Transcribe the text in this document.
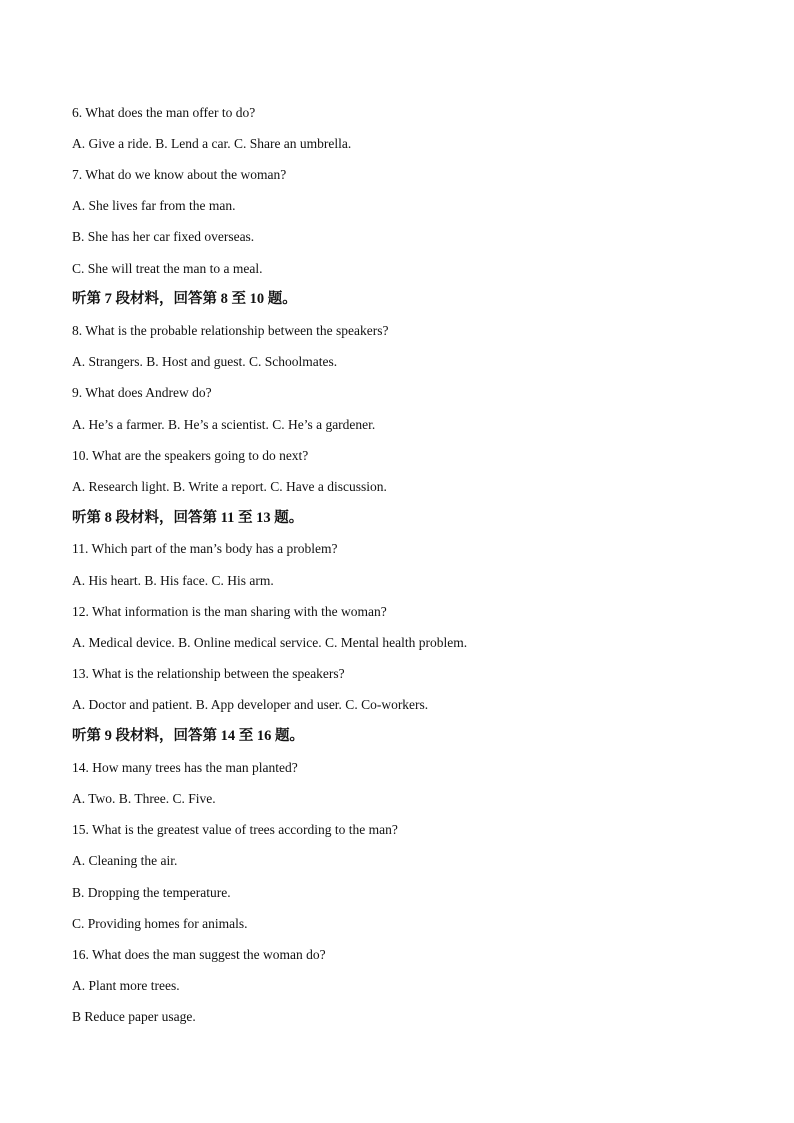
6. What does the man offer to do?
A. Give a ride. B. Lend a car. C. Share an umbrella.
7. What do we know about the woman?
A. She lives far from the man.
B. She has her car fixed overseas.
C. She will treat the man to a meal.
听第 7 段材料，回答第 8 至 10 题。
8. What is the probable relationship between the speakers?
A. Strangers. B. Host and guest. C. Schoolmates.
9. What does Andrew do?
A. He’s a farmer. B. He’s a scientist. C. He’s a gardener.
10. What are the speakers going to do next?
A. Research light. B. Write a report. C. Have a discussion.
听第 8 段材料，回答第 11 至 13 题。
11. Which part of the man’s body has a problem?
A. His heart. B. His face. C. His arm.
12. What information is the man sharing with the woman?
A. Medical device. B. Online medical service. C. Mental health problem.
13. What is the relationship between the speakers?
A. Doctor and patient. B. App developer and user. C. Co-workers.
听第 9 段材料，回答第 14 至 16 题。
14. How many trees has the man planted?
A. Two. B. Three. C. Five.
15. What is the greatest value of trees according to the man?
A. Cleaning the air.
B. Dropping the temperature.
C. Providing homes for animals.
16. What does the man suggest the woman do?
A. Plant more trees.
B Reduce paper usage.
